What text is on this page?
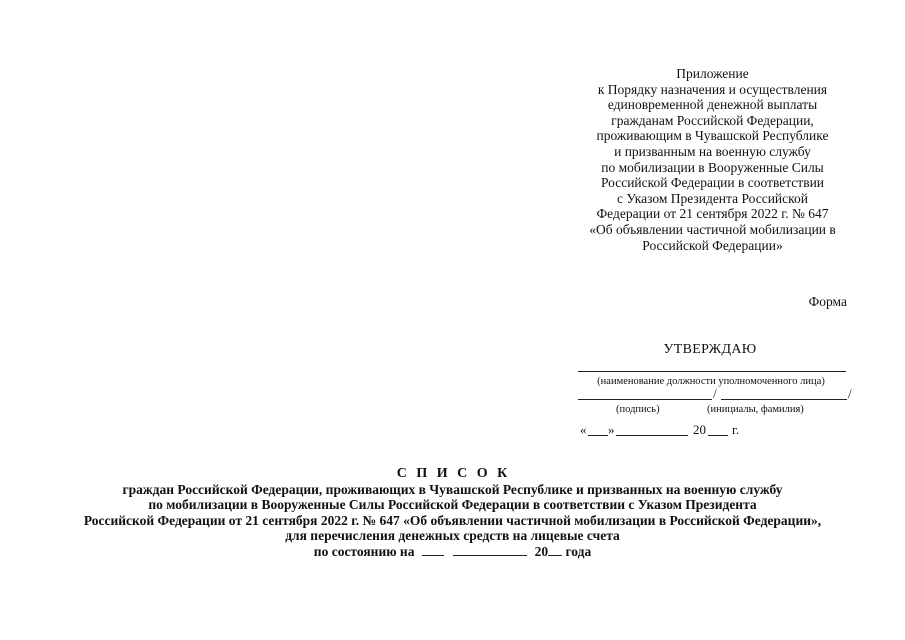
Приложение
к Порядку назначения и осуществления
единовременной денежной выплаты
гражданам Российской Федерации,
проживающим в Чувашской Республике
и призванным на военную службу
по мобилизации в Вооруженные Силы
Российской Федерации в соответствии
с Указом Президента Российской
Федерации от 21 сентября 2022 г. № 647
«Об объявлении частичной мобилизации в
Российской Федерации»
Форма
УТВЕРЖДАЮ
(наименование должности уполномоченного лица)
/	/
(подпись)	(инициалы, фамилия)
« »	20 г.
С П И С О К
граждан Российской Федерации, проживающих в Чувашской Республике и призванных на военную службу
по мобилизации в Вооруженные Силы Российской Федерации в соответствии с Указом Президента
Российской Федерации от 21 сентября 2022 г. № 647 «Об объявлении частичной мобилизации в Российской Федерации»,
для перечисления денежных средств на лицевые счета
по состоянию на	20 года
